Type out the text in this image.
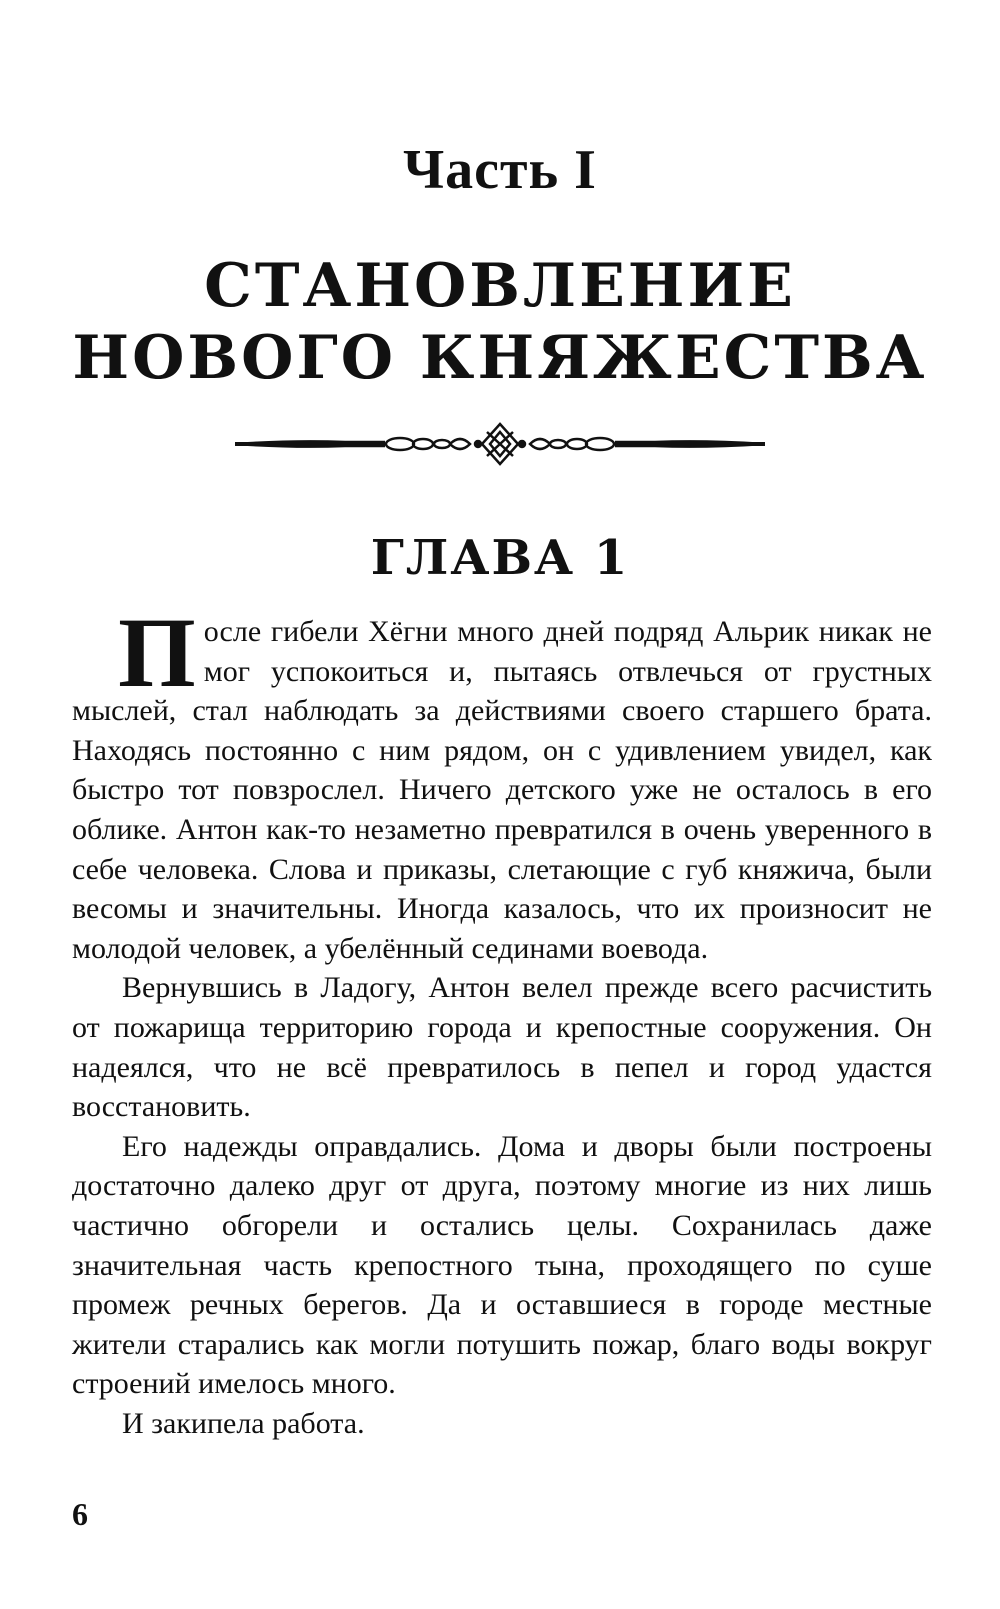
Часть I
СТАНОВЛЕНИЕ
НОВОГО КНЯЖЕСТВА
ГЛАВА 1

После гибели Хёгни много дней подряд Альрик никак не мог успокоиться и, пытаясь отвлечься от грустных мыслей, стал наблюдать за действиями своего старшего брата. Находясь постоянно с ним рядом, он с удивлением увидел, как быстро тот повзрослел. Ничего детского уже не осталось в его облике. Антон как-то незаметно превратился в очень уверенного в себе человека. Слова и приказы, слетающие с губ княжича, были весомы и значительны. Иногда казалось, что их произносит не молодой человек, а убелённый сединами воевода.

Вернувшись в Ладогу, Антон велел прежде всего расчистить от пожарища территорию города и крепостные сооружения. Он надеялся, что не всё превратилось в пепел и город удастся восстановить.

Его надежды оправдались. Дома и дворы были построены достаточно далеко друг от друга, поэтому многие из них лишь частично обгорели и остались целы. Сохранилась даже значительная часть крепостного тына, проходящего по суше промеж речных берегов. Да и оставшиеся в городе местные жители старались как могли потушить пожар, благо воды вокруг строений имелось много.

И закипела работа.

6
